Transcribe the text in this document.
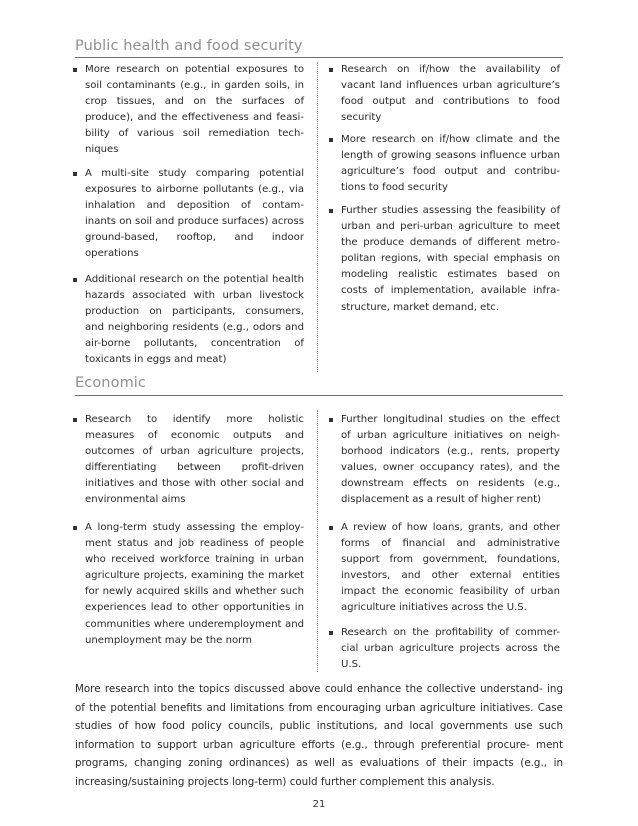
Public health and food security

More research on potential exposures to soil contaminants (e.g., in garden soils, in crop tissues, and on the surfaces of produce), and the effectiveness and feasi- bility of various soil remediation tech- niques

A multi-site study comparing potential exposures to airborne pollutants (e.g., via inhalation and deposition of contam- inants on soil and produce surfaces) across ground-based, rooftop, and indoor operations

Additional research on the potential health hazards associated with urban livestock production on participants, consumers, and neighboring residents (e.g., odors and air-borne pollutants, concentration of toxicants in eggs and meat)

Research on if/how the availability of vacant land influences urban agriculture’s food output and contributions to food security

More research on if/how climate and the length of growing seasons influence urban agriculture’s food output and contribu- tions to food security

Further studies assessing the feasibility of urban and peri-urban agriculture to meet the produce demands of different metro- politan regions, with special emphasis on modeling realistic estimates based on costs of implementation, available infra- structure, market demand, etc.

Economic

Research to identify more holistic measures of economic outputs and outcomes of urban agriculture projects, differentiating between profit-driven initiatives and those with other social and environmental aims

A long-term study assessing the employ- ment status and job readiness of people who received workforce training in urban agriculture projects, examining the market for newly acquired skills and whether such experiences lead to other opportunities in communities where underemployment and unemployment may be the norm

Further longitudinal studies on the effect of urban agriculture initiatives on neigh- borhood indicators (e.g., rents, property values, owner occupancy rates), and the downstream effects on residents (e.g., displacement as a result of higher rent)

A review of how loans, grants, and other forms of financial and administrative support from government, foundations, investors, and other external entities impact the economic feasibility of urban agriculture initiatives across the U.S.

Research on the profitability of commer- cial urban agriculture projects across the U.S.

More research into the topics discussed above could enhance the collective understand- ing of the potential benefits and limitations from encouraging urban agriculture initiatives. Case studies of how food policy councils, public institutions, and local governments use such information to support urban agriculture efforts (e.g., through preferential procure- ment programs, changing zoning ordinances) as well as evaluations of their impacts (e.g., in increasing/sustaining projects long-term) could further complement this analysis.

21
